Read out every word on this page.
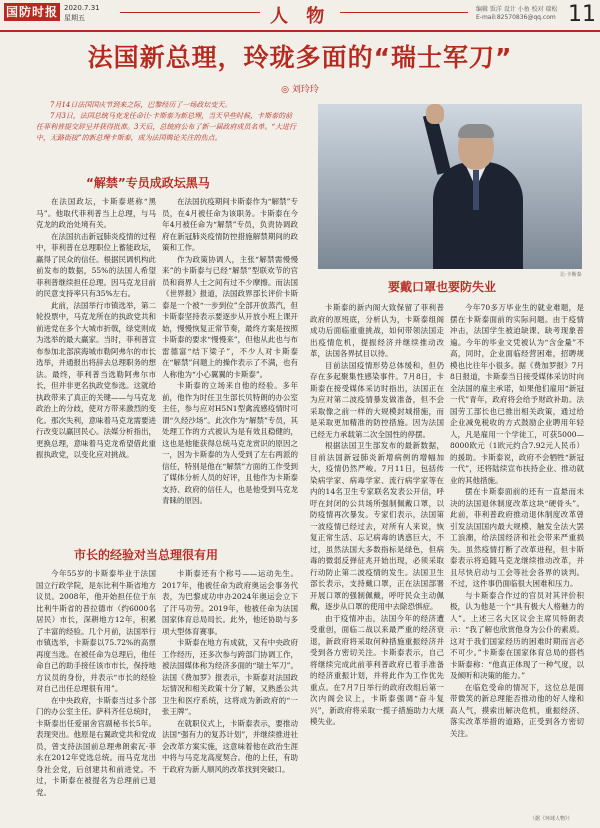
国防时报 2020.7.31
星期五	人 物	编辑 饭洋 设计 小鱼 校对 瑞松
E-mail:82570836@qq.com 11
法国新总理，玲珑多面的“瑞士军刀”
◎ 刘玲玲

7月14日法国国庆节到来之际，巴黎经历了一场政坛变天。

7月3日，法国总统马克龙任命让·卡斯泰为新总理，当天早些时候，卡斯泰的前任菲利普提交辞呈并获得批准。3天后，总统府公布了新一届政府成员名单。“大进行中，无路街接”的新总理卡斯泰，成为法国舆论关注的焦点。

让·卡斯泰
“解禁”专员成政坛黑马

在法国政坛，卡斯泰堪称“黑马”。他取代菲利普当上总理，与马克龙的政治处境有关。

在法国抗击新冠肺炎疫情的过程中，菲利普在总理职位上蓄能政坛，赢得了民众的信任。根据民调机构此前发布的数据，55%的法国人希望菲利普继续担任总理。因马克龙目前的民意支持率只有35%左右。

此前，法国举行市镇选举，第二轮投票中，马克龙所在的执政党共和前进党在多个大城市折戟，绿党则成为选举的最大赢家。当时，菲利普宣布参加北部滨海城市勒阿弗尔的市长选举，并通报出将辞去总理职务的想法。最终，菲利普当选勒阿弗尔市长，但并非更名执政党参选。这就给执政带来了真正的关键——与马克龙政治上的分歧，使对方带来激烈的变化。那次失利，意味着马克龙需要进行改变以赢回民心。法媒分析指出，更换总理，意味着马克龙希望借此重振执政党，以变化应对挑战。

在法国抗疫期间卡斯泰作为“解禁”专员，在4月被任命为该职务。卡斯泰在今年4月被任命为“解禁”专员，负责协调政府在新冠肺炎疫情防控措施解禁期间的政策和工作。

作为政策协调人，主张“解禁需慢慢来”的卡斯泰与已经“解禁”型联欢节的官员和商界人士之间有过不少摩擦。而法国《世界报》报道，法国政界部长评价卡斯泰是一个被“一步到位”全部开放蒸汽，但卡斯泰坚持表示要逐步从开放小班上课开始，慢慢恢复正常节奏，最终方案是按照卡斯泰的要求“慢慢来”，但他从此也与布雷德富“结下梁子”，不少人对卡斯泰在“解禁”问题上的操作表示了不满，也有人称他为“小心翼翼的卡斯泰”。

卡斯泰的立场来自他的经验。多年前，他作为时任卫生部长贝特朗的办公室主任，参与应对H5N1型禽流感疫情时可谓“久经沙场”。此次作为“解禁”专员，其处理工作的方式被认为是有效且稳健的，这也是他能获得总统马克龙赏识的原因之一，因为卡斯泰的为人受到了左右两派的信任，特别是他在“解禁”方面的工作受到了媒体分析人员的好评，且他作为卡斯泰支持、政府的信任人，也是他受到马克龙青睐的原因。

市长的经验对当总理很有用

今年55岁的卡斯泰毕业于法国国立行政学院，是东比利牛斯省地方议员。2008年，他开始担任位于东比利牛斯省的普拉德市（约6000名居民）市长，深耕地方12年，积累了丰富的经验。几个月前，法国举行市镇选举，卡斯泰以75.72%的高票再度当选。在被任命为总理后，他任命自己的助手接任该市市长，保持地方议员的身份，并表示“市长的经验对自己出任总理很有用”。

在中央政府，卡斯泰当过多个部门的办公室主任。萨科齐任总统时，卡斯泰出任爱丽舍宫副秘书长5年。表现突出。他原是右翼政党共和党成员，曾支持法国前总理弗朗索瓦·菲永在2012年党选总统。而马克龙出身社会党，后创建共和前进党。不过，卡斯泰在被提名为总理前已退党。

卡斯泰还有个称号——运动先生。2017年，他被任命为政府奥运会事务代表，为巴黎成功申办2024年奥运会立下了汗马功劳。2019年，他被任命为法国国家体育总局局长。此外，他还协助与多项大型体育赛事。

卡斯泰在地方有成就，又有中央政府工作经历，还多次参与跨部门协调工作，被法国媒体称为经济多面的“瑞士军刀”。法国《费加罗》报表示，卡斯泰对法国政坛情况和相关政策十分了解，又熟悉公共卫生和医疗系统，这将成为新政府的“一张王牌”。

在就职仪式上，卡斯泰表示，要推动法国“强有力的复苏计划”，并继续推进社会改革方案实施，这意味着他在政治生涯中将与马克龙高度契合。他的上任，有助于政府为新人顺风的改革找到突破口。

要戴口罩也要防失业

卡斯泰的新内阁大致保留了菲利普政府的原班底，分析认为，卡斯泰组阁成功后面临重重挑战，如何带领法国走出疫情危机，提振经济并继续推动改革，法国各界拭目以待。

目前法国疫情形势总体缓和，但仍存在多起聚集性感染事件。7月8日，卡斯泰在接受媒体采访时指出，法国正在为应对第二波疫情暴发做准备，但不会采取像之前一样的大规模封城措施，而是采取更加精准的防控措施。因为法国已经无力承载第二次全国性的停摆。

根据法国卫生部发布的最新数据，目前法国新冠肺炎新增病例的增幅加大，疫情仍然严峻。7月11日，包括传染病学家、病毒学家、流行病学家等在内的14名卫生专家联名发表公开信，呼吁在封闭的公共场所强制佩戴口罩，以防疫情再次暴发。专家们表示，法国第一波疫情已经过去，对所有人来说，恢复正常生活、忘记病毒的诱惑巨大，不过，虽然法国大多数指标是绿色，但病毒的微弱反弹征兆开始出现，必须采取行动防止第二波疫情的发生。法国卫生部长表示，支持戴口罩，正在法国部署开展口罩的强制佩戴，呼吁民众主动佩戴，逐步从口罩的使用中去除恐惧症。

由于疫情冲击，法国今年的经济遭受重创，面临二战以来最严重的经济衰退，新政府将采取何种措施重振经济并受到各方密切关注。卡斯泰表示，自己将继续完成此前菲利普政府已着手准备的经济重振计划，并将此作为工作优先重点。在7月7日举行的政府改组后第一次内阁会议上，卡斯泰强调“奋斗复兴”，新政府将采取一揽子措施助力大规模失业。

今年70多万毕业生的就业难题，是摆在卡斯泰面前的实际问题。由于疫情冲击，法国学生被迫缺课、缺考现象普遍。今年的毕业文凭被认为“含金量”不高，同时，企业面临经营困难，招聘规模也比往年小很多。据《费加罗报》7月8日报道，卡斯泰当日接受媒体采访时向全法国的雇主承诺，如果他们雇用“新冠一代”青年，政府将会给予财政补助。法国劳工部长也已推出相关政策，通过给企业减免税收的方式鼓励企业聘用年轻人，凡是雇用一个学徒工，可获5000—8000欧元（1欧元约合7.92元人民币）的援助。卡斯泰说，政府不会牺牲“新冠一代”，还将陆续宣布扶持企业、推动就业的其他措施。

摆在卡斯泰面前的还有一直悬而未决的法国退休制度改革这块“硬骨头”。此前，菲利普政府推动退休制度改革曾引发法国国内最大规模、触发全法大罢工浪潮，给法国经济和社会带来严重损失。虽然疫情打断了改革进程，但卡斯泰表示将追随马克龙继续推动改革，并且尽快启动与工会等社会各界的谈判。不过，这件事仍面临很大困难和压力。

与卡斯泰合作过的官员对其评价积极，认为他是一个“具有极大人格魅力的人”。上述三名大区议会主席贝特朗表示：“我了解也欣赏他身为公仆的素质。这对于我们国家经历的困难时期而言必不可少。”卡斯泰在国家体育总局的搭档卡斯泰称：“他真正体现了一种气度，以及倾听和决策的能力。”

在临危受命的情况下，这位总是面带微笑的新总理能否推动他的好人缘和高人气，摸索出解决危机，重振经济、落实改革举措的道路，正受到各方密切关注。

（据《环球人物》）
